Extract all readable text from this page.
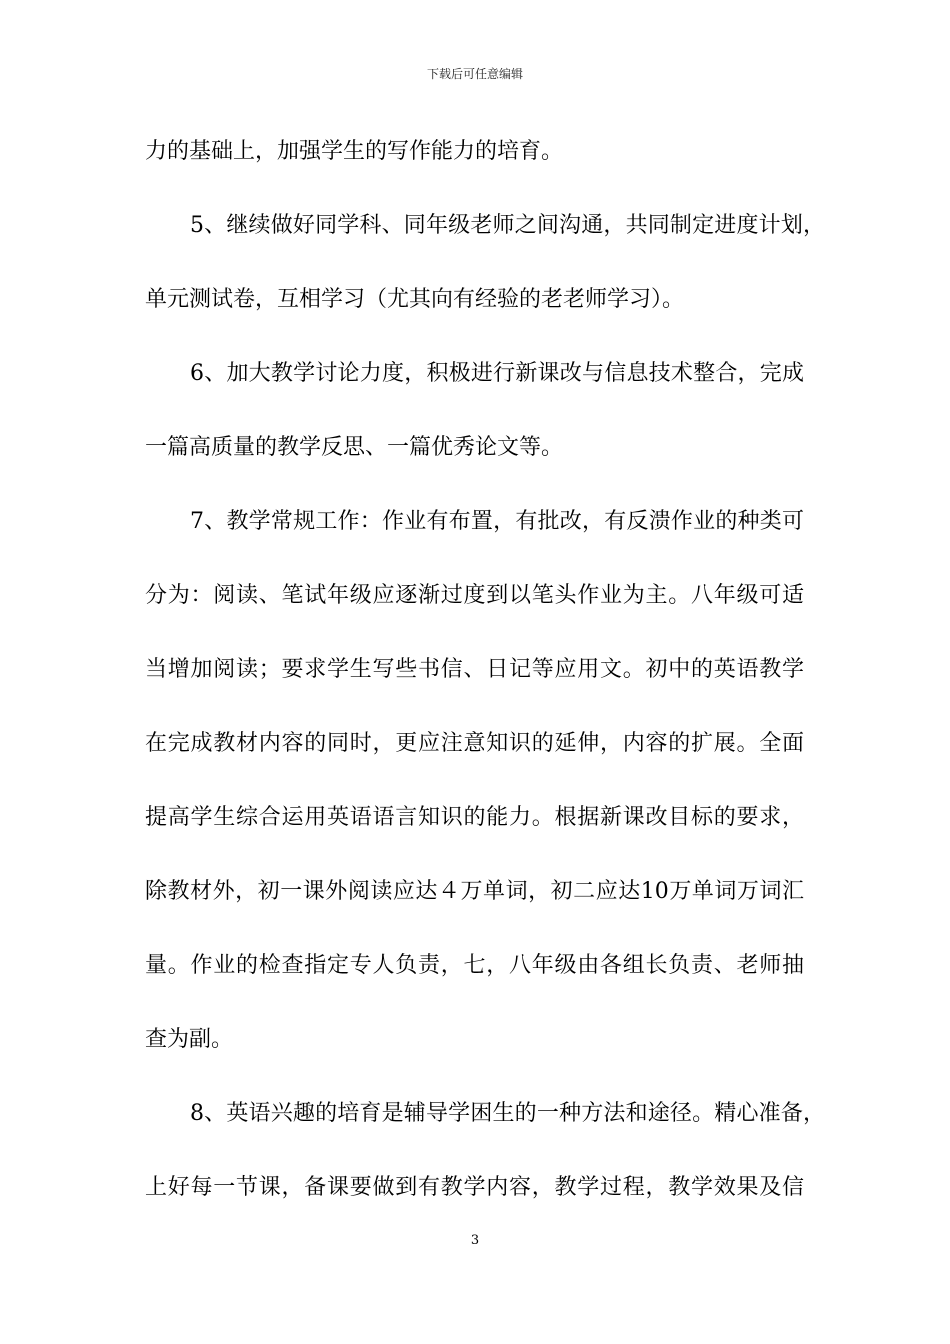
下载后可任意编辑
力的基础上，加强学生的写作能力的培育。
5、继续做好同学科、同年级老师之间沟通，共同制定进度计划，
单元测试卷，互相学习（尤其向有经验的老老师学习）。
6、加大教学讨论力度，积极进行新课改与信息技术整合，完成
一篇高质量的教学反思、一篇优秀论文等。
7、教学常规工作：作业有布置，有批改，有反溃作业的种类可
分为：阅读、笔试年级应逐渐过度到以笔头作业为主。八年级可适
当增加阅读；要求学生写些书信、日记等应用文。初中的英语教学
在完成教材内容的同时，更应注意知识的延伸，内容的扩展。全面
提高学生综合运用英语语言知识的能力。根据新课改目标的要求，
除教材外，初一课外阅读应达４万单词，初二应达10万单词万词汇
量。作业的检查指定专人负责，七，八年级由各组长负责、老师抽
查为副。
8、英语兴趣的培育是辅导学困生的一种方法和途径。精心准备，
上好每一节课，备课要做到有教学内容，教学过程，教学效果及信
3
